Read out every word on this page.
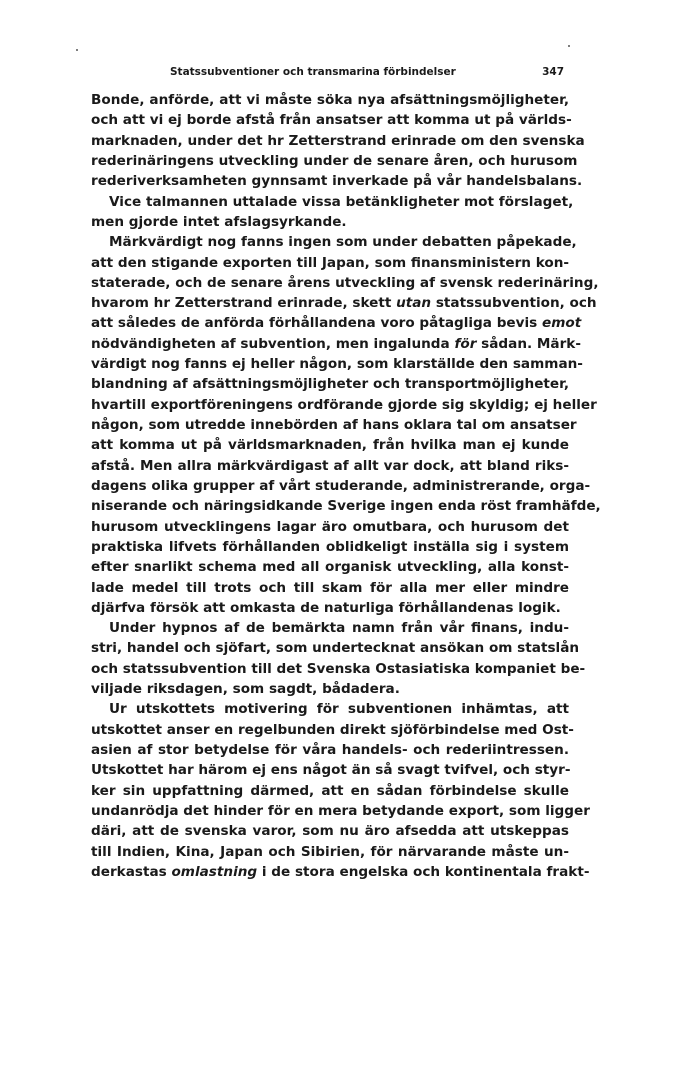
Statssubventioner och transmarina förbindelser	347
Bonde, anförde, att vi måste söka nya afsättningsmöjligheter,
och att vi ej borde afstå från ansatser att komma ut på världs-
marknaden, under det hr Zetterstrand erinrade om den svenska
rederinäringens utveckling under de senare åren, och hurusom
rederiverksamheten gynnsamt inverkade på vår handelsbalans.
Vice talmannen uttalade vissa betänkligheter mot förslaget,
men gjorde intet afslagsyrkande.
Märkvärdigt nog fanns ingen som under debatten påpekade,
att den stigande exporten till Japan, som finansministern kon-
staterade, och de senare årens utveckling af svensk rederinäring,
hvarom hr Zetterstrand erinrade, skett utan statssubvention, och
att således de anförda förhållandena voro påtagliga bevis emot
nödvändigheten af subvention, men ingalunda för sådan. Märk-
värdigt nog fanns ej heller någon, som klarställde den samman-
blandning af afsättningsmöjligheter och transportmöjligheter,
hvartill exportföreningens ordförande gjorde sig skyldig; ej heller
någon, som utredde innebörden af hans oklara tal om ansatser
att komma ut på världsmarknaden, från hvilka man ej kunde
afstå. Men allra märkvärdigast af allt var dock, att bland riks-
dagens olika grupper af vårt studerande, administrerande, orga-
niserande och näringsidkande Sverige ingen enda röst framhäfde,
hurusom utvecklingens lagar äro omutbara, och hurusom det
praktiska lifvets förhållanden oblidkeligt inställa sig i system
efter snarlikt schema med all organisk utveckling, alla konst-
lade medel till trots och till skam för alla mer eller mindre
djärfva försök att omkasta de naturliga förhållandenas logik.
Under hypnos af de bemärkta namn från vår finans, indu-
stri, handel och sjöfart, som undertecknat ansökan om statslån
och statssubvention till det Svenska Ostasiatiska kompaniet be-
viljade riksdagen, som sagdt, bådadera.
Ur utskottets motivering för subventionen inhämtas, att
utskottet anser en regelbunden direkt sjöförbindelse med Ost-
asien af stor betydelse för våra handels- och rederiintressen.
Utskottet har härom ej ens något än så svagt tvifvel, och styr-
ker sin uppfattning därmed, att en sådan förbindelse skulle
undanrödja det hinder för en mera betydande export, som ligger
däri, att de svenska varor, som nu äro afsedda att utskeppas
till Indien, Kina, Japan och Sibirien, för närvarande måste un-
derkastas omlastning i de stora engelska och kontinentala frakt-
